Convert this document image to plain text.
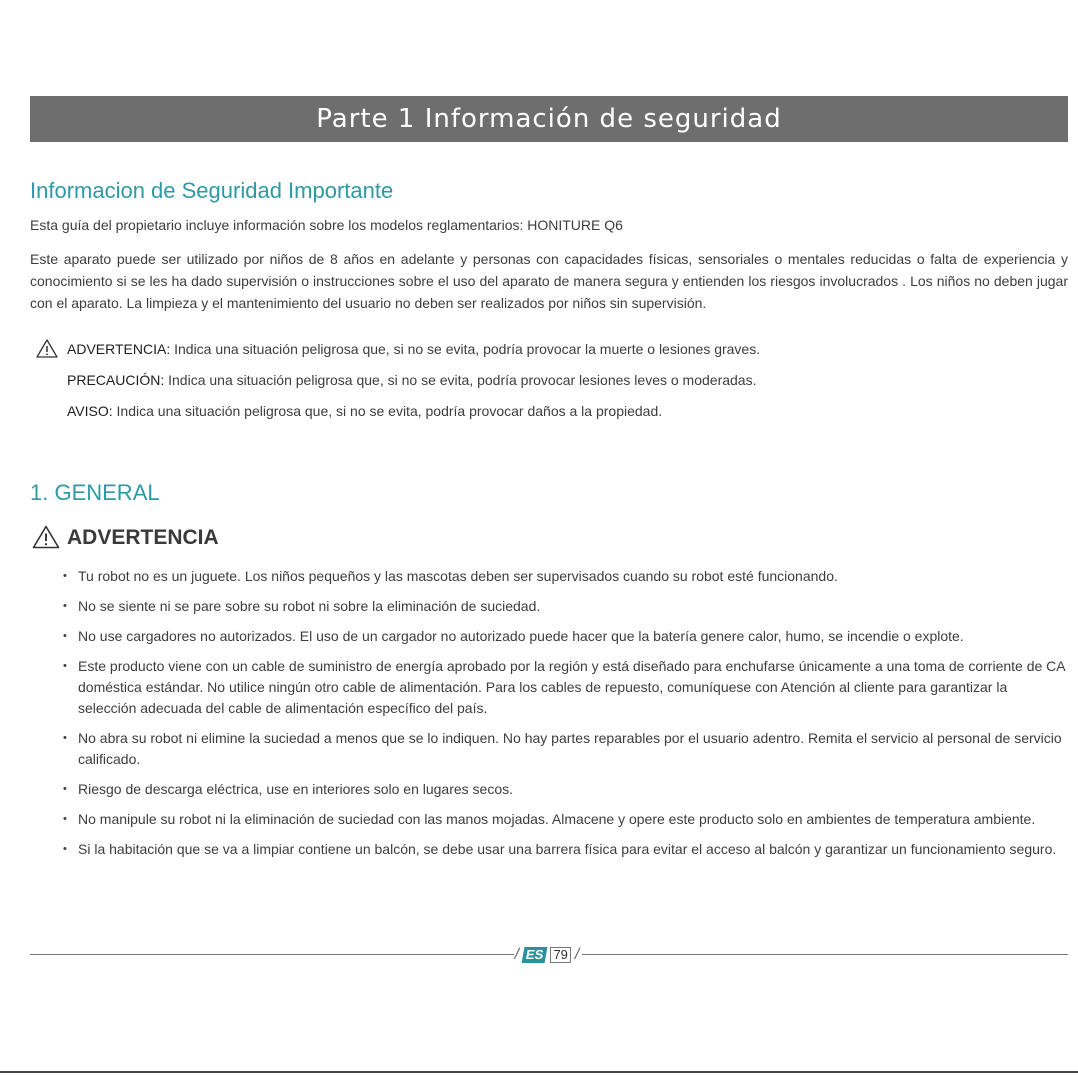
Parte 1 Información de seguridad
Informacion de Seguridad Importante

Esta guía del propietario incluye información sobre los modelos reglamentarios: HONITURE Q6

Este aparato puede ser utilizado por niños de 8 años en adelante y personas con capacidades físicas, sensoriales o mentales reducidas o falta de experiencia y conocimiento si se les ha dado supervisión o instrucciones sobre el uso del aparato de manera segura y entienden los riesgos involucrados . Los niños no deben jugar con el aparato. La limpieza y el mantenimiento del usuario no deben ser realizados por niños sin supervisión.

ADVERTENCIA: Indica una situación peligrosa que, si no se evita, podría provocar la muerte o lesiones graves.

PRECAUCIÓN: Indica una situación peligrosa que, si no se evita, podría provocar lesiones leves o moderadas.

AVISO: Indica una situación peligrosa que, si no se evita, podría provocar daños a la propiedad.

1. GENERAL
ADVERTENCIA
• Tu robot no es un juguete. Los niños pequeños y las mascotas deben ser supervisados cuando su robot esté funcionando.
• No se siente ni se pare sobre su robot ni sobre la eliminación de suciedad.
• No use cargadores no autorizados. El uso de un cargador no autorizado puede hacer que la batería genere calor, humo, se incendie o explote.
• Este producto viene con un cable de suministro de energía aprobado por la región y está diseñado para enchufarse únicamente a una toma de corriente de CA doméstica estándar. No utilice ningún otro cable de alimentación. Para los cables de repuesto, comuníquese con Atención al cliente para garantizar la selección adecuada del cable de alimentación específico del país.
• No abra su robot ni elimine la suciedad a menos que se lo indiquen. No hay partes reparables por el usuario adentro. Remita el servicio al personal de servicio calificado.
• Riesgo de descarga eléctrica, use en interiores solo en lugares secos.
• No manipule su robot ni la eliminación de suciedad con las manos mojadas. Almacene y opere este producto solo en ambientes de temperatura ambiente.
• Si la habitación que se va a limpiar contiene un balcón, se debe usar una barrera física para evitar el acceso al balcón y garantizar un funcionamiento seguro.
/ ES 79 /
